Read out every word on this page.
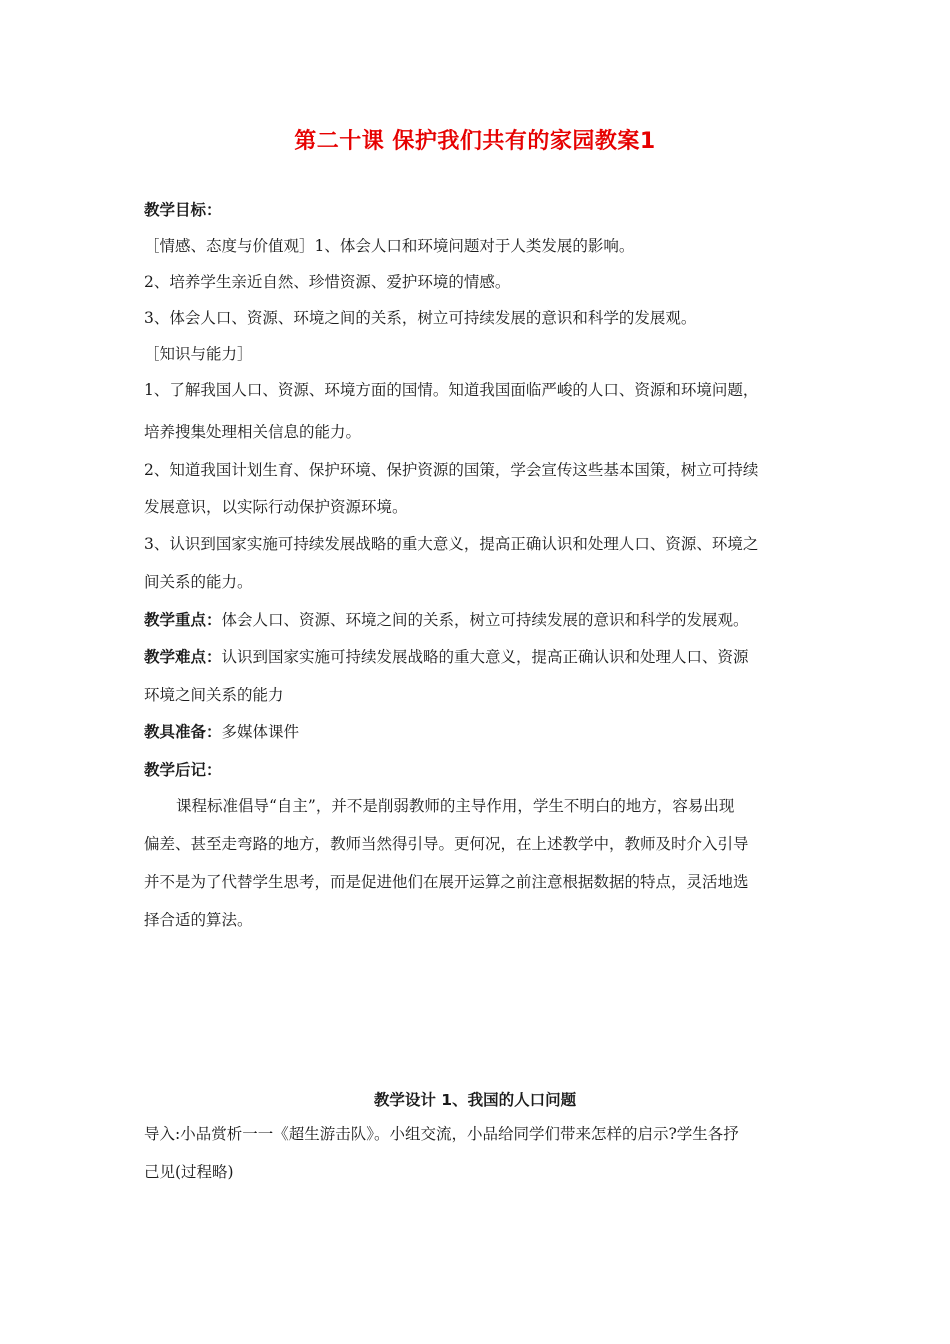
第二十课 保护我们共有的家园教案1
教学目标：
［情感、态度与价值观］1、体会人口和环境问题对于人类发展的影响。
2、培养学生亲近自然、珍惜资源、爱护环境的情感。
3、体会人口、资源、环境之间的关系，树立可持续发展的意识和科学的发展观。
［知识与能力］
1、了解我国人口、资源、环境方面的国情。知道我国面临严峻的人口、资源和环境问题，
培养搜集处理相关信息的能力。
2、知道我国计划生育、保护环境、保护资源的国策，学会宣传这些基本国策，树立可持续
发展意识，以实际行动保护资源环境。
3、认识到国家实施可持续发展战略的重大意义，提高正确认识和处理人口、资源、环境之
间关系的能力。
教学重点：体会人口、资源、环境之间的关系，树立可持续发展的意识和科学的发展观。
教学难点：认识到国家实施可持续发展战略的重大意义，提高正确认识和处理人口、资源
环境之间关系的能力
教具准备：多媒体课件
教学后记：
课程标准倡导“自主”，并不是削弱教师的主导作用，学生不明白的地方，容易出现
偏差、甚至走弯路的地方，教师当然得引导。更何况，在上述教学中，教师及时介入引导
并不是为了代替学生思考，而是促进他们在展开运算之前注意根据数据的特点，灵活地选
择合适的算法。
教学设计 1、我国的人口问题
导入:小品赏析一一《超生游击队》。小组交流，小品给同学们带来怎样的启示?学生各抒
己见(过程略)
